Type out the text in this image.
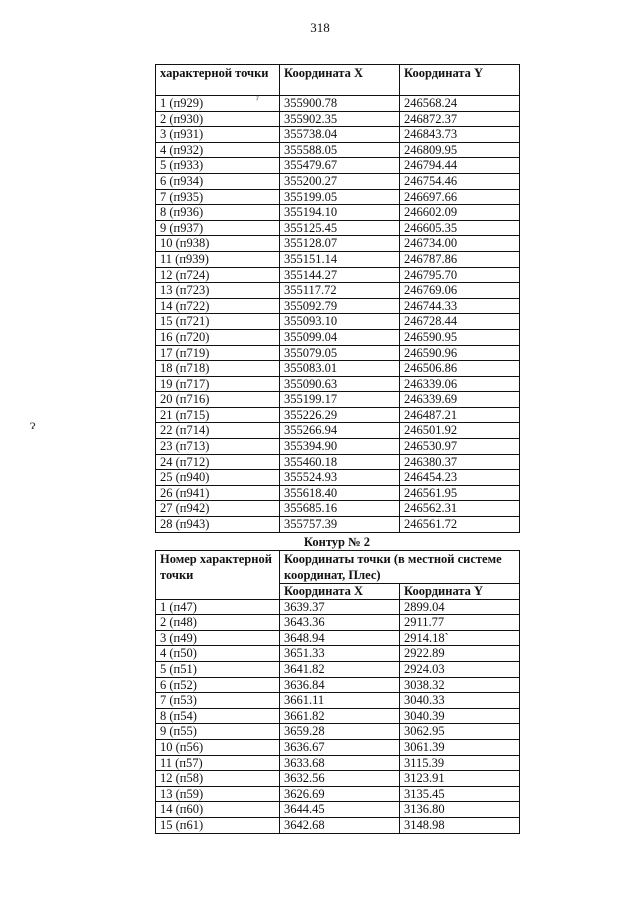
318
характерной точки	Координата X	Координата Y
1 (п929)	355900.78	246568.24
2 (п930)	355902.35	246872.37
3 (п931)	355738.04	246843.73
4 (п932)	355588.05	246809.95
5 (п933)	355479.67	246794.44
6 (п934)	355200.27	246754.46
7 (п935)	355199.05	246697.66
8 (п936)	355194.10	246602.09
9 (п937)	355125.45	246605.35
10 (п938)	355128.07	246734.00
11 (п939)	355151.14	246787.86
12 (п724)	355144.27	246795.70
13 (п723)	355117.72	246769.06
14 (п722)	355092.79	246744.33
15 (п721)	355093.10	246728.44
16 (п720)	355099.04	246590.95
17 (п719)	355079.05	246590.96
18 (п718)	355083.01	246506.86
19 (п717)	355090.63	246339.06
20 (п716)	355199.17	246339.69
21 (п715)	355226.29	246487.21
22 (п714)	355266.94	246501.92
23 (п713)	355394.90	246530.97
24 (п712)	355460.18	246380.37
25 (п940)	355524.93	246454.23
26 (п941)	355618.40	246561.95
27 (п942)	355685.16	246562.31
28 (п943)	355757.39	246561.72
Контур № 2
Номер характерной точки	Координаты точки (в местной системе координат, Плес)	
	Координата X	Координата Y
1 (п47)	3639.37	2899.04
2 (п48)	3643.36	2911.77
3 (п49)	3648.94	2914.18`
4 (п50)	3651.33	2922.89
5 (п51)	3641.82	2924.03
6 (п52)	3636.84	3038.32
7 (п53)	3661.11	3040.33
8 (п54)	3661.82	3040.39
9 (п55)	3659.28	3062.95
10 (п56)	3636.67	3061.39
11 (п57)	3633.68	3115.39
12 (п58)	3632.56	3123.91
13 (п59)	3626.69	3135.45
14 (п60)	3644.45	3136.80
15 (п61)	3642.68	3148.98
ˀ
ɂ
